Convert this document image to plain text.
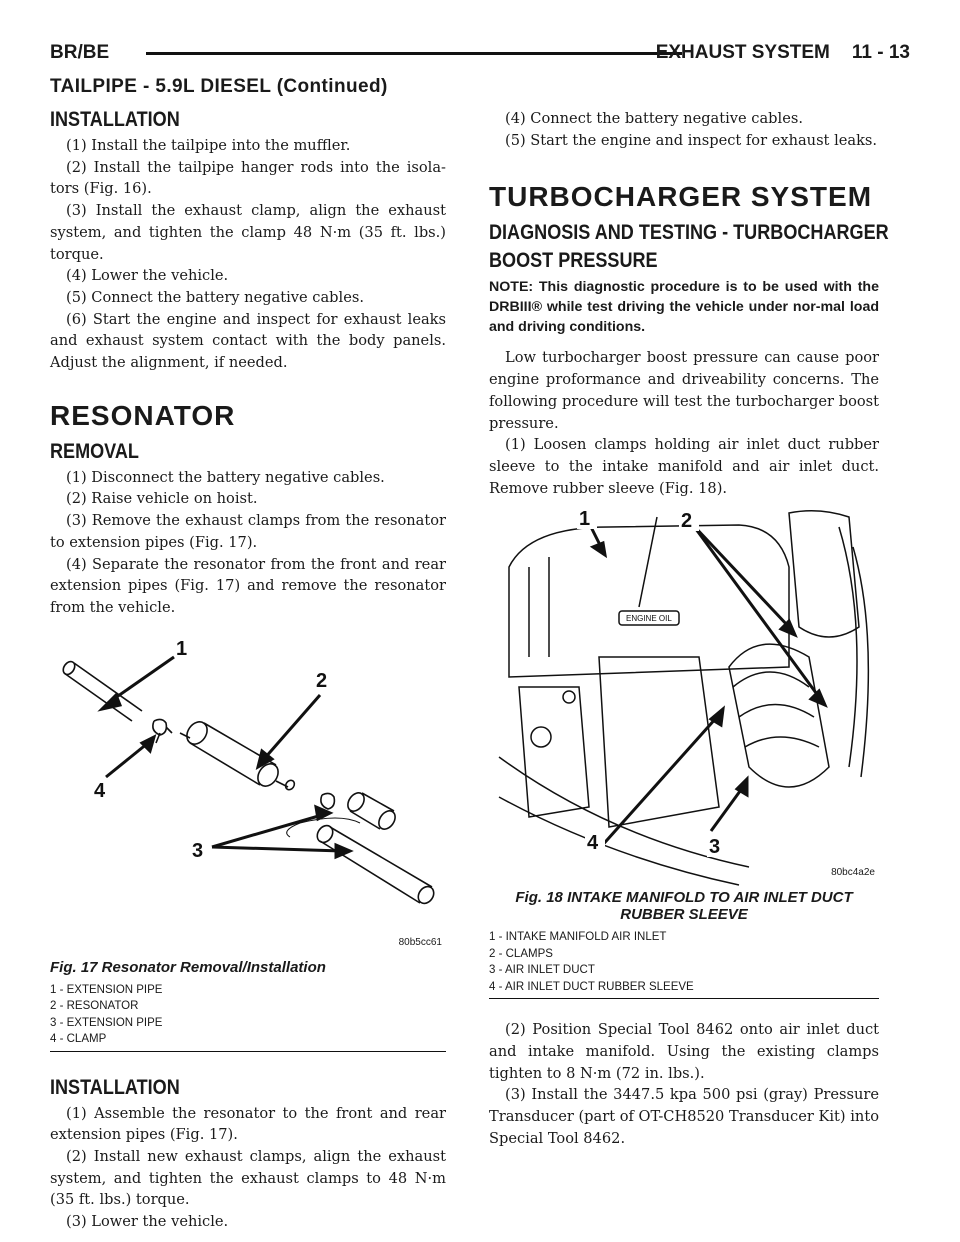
BR/BE	EXHAUST SYSTEM 11 - 13
TAILPIPE - 5.9L DIESEL (Continued)
INSTALLATION

(1) Install the tailpipe into the muffler.

(2) Install the tailpipe hanger rods into the isola-tors (Fig. 16).

(3) Install the exhaust clamp, align the exhaust system, and tighten the clamp 48 N·m (35 ft. lbs.) torque.

(4) Lower the vehicle.

(5) Connect the battery negative cables.

(6) Start the engine and inspect for exhaust leaks and exhaust system contact with the body panels. Adjust the alignment, if needed.

RESONATOR
REMOVAL

(1) Disconnect the battery negative cables.

(2) Raise vehicle on hoist.

(3) Remove the exhaust clamps from the resonator to extension pipes (Fig. 17).

(4) Separate the resonator from the front and rear extension pipes (Fig. 17) and remove the resonator from the vehicle.

1
2
3
4
80b5cc61
Fig. 17 Resonator Removal/Installation
1 - EXTENSION PIPE
2 - RESONATOR
3 - EXTENSION PIPE
4 - CLAMP
INSTALLATION

(1) Assemble the resonator to the front and rear extension pipes (Fig. 17).

(2) Install new exhaust clamps, align the exhaust system, and tighten the exhaust clamps to 48 N·m (35 ft. lbs.) torque.

(3) Lower the vehicle.

(4) Connect the battery negative cables.

(5) Start the engine and inspect for exhaust leaks.

TURBOCHARGER SYSTEM
DIAGNOSIS AND TESTING - TURBOCHARGER
BOOST PRESSURE

NOTE: This diagnostic procedure is to be used with the DRBIII® while test driving the vehicle under nor-mal load and driving conditions.

Low turbocharger boost pressure can cause poor engine proformance and driveability concerns. The following procedure will test the turbocharger boost pressure.

(1) Loosen clamps holding air inlet duct rubber sleeve to the intake manifold and air inlet duct. Remove rubber sleeve (Fig. 18).

ENGINE OIL
1	2
3
4
80bc4a2e
Fig. 18 INTAKE MANIFOLD TO AIR INLET DUCT
RUBBER SLEEVE
1 - INTAKE MANIFOLD AIR INLET
2 - CLAMPS
3 - AIR INLET DUCT
4 - AIR INLET DUCT RUBBER SLEEVE

(2) Position Special Tool 8462 onto air inlet duct and intake manifold. Using the existing clamps tighten to 8 N·m (72 in. lbs.).

(3) Install the 3447.5 kpa 500 psi (gray) Pressure Transducer (part of OT-CH8520 Transducer Kit) into Special Tool 8462.
